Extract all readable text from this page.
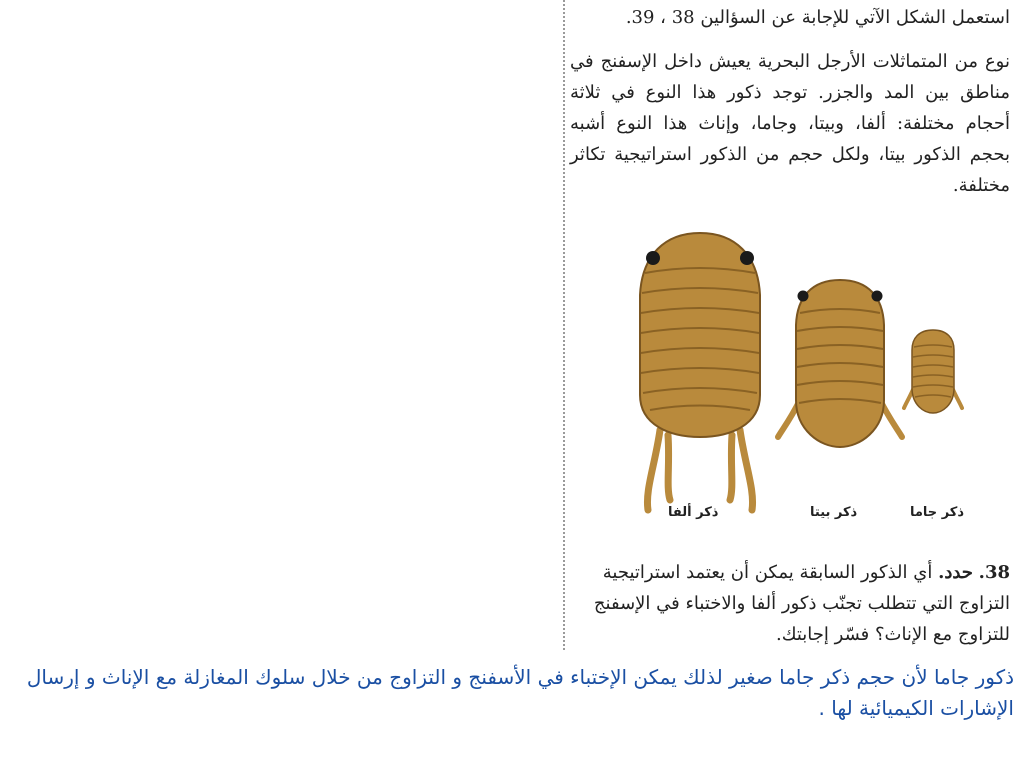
استعمل الشكل الآتي للإجابة عن السؤالين 38 ، 39.
نوع من المتماثلات الأرجل البحرية يعيش داخل الإسفنج في مناطق بين المد والجزر. توجد ذكور هذا النوع في ثلاثة أحجام مختلفة: ألفا، وبيتا، وجاما، وإناث هذا النوع أشبه بحجم الذكور بيتا، ولكل حجم من الذكور استراتيجية تكاثر مختلفة.
38. حدد. أي الذكور السابقة يمكن أن يعتمد استراتيجية التزاوج التي تتطلب تجنّب ذكور ألفا والاختباء في الإسفنج للتزاوج مع الإناث؟ فسّر إجابتك.
ذكر ألفا	ذكر بيتا	ذكر جاما
ذكور جاما لأن حجم ذكر جاما صغير لذلك يمكن الإختباء في الأسفنج و التزاوج من خلال سلوك المغازلة مع الإناث و إرسال الإشارات الكيميائية لها .
